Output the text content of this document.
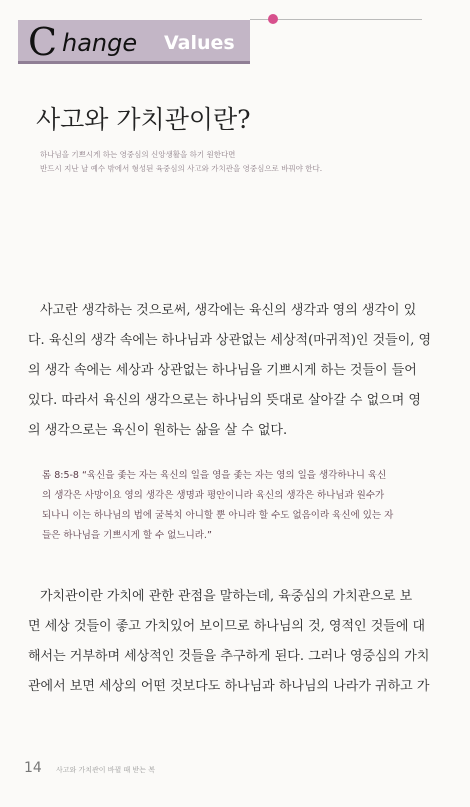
C hange Values
사고와 가치관이란?
하나님을 기쁘시게 하는 영중심의 신앙생활을 하기 원한다면
반드시 지난 날 예수 밖에서 형성된 육중심의 사고와 가치관을 영중심으로 바꿔야 한다.
사고란 생각하는 것으로써, 생각에는 육신의 생각과 영의 생각이 있
다. 육신의 생각 속에는 하나님과 상관없는 세상적(마귀적)인 것들이, 영
의 생각 속에는 세상과 상관없는 하나님을 기쁘시게 하는 것들이 들어
있다. 따라서 육신의 생각으로는 하나님의 뜻대로 살아갈 수 없으며 영
의 생각으로는 육신이 원하는 삶을 살 수 없다.
롬 8:5-8 “육신을 좇는 자는 육신의 일을 영을 좇는 자는 영의 일을 생각하나니 육신
의 생각은 사망이요 영의 생각은 생명과 평안이니라 육신의 생각은 하나님과 원수가
되나니 이는 하나님의 법에 굴복치 아니할 뿐 아니라 할 수도 없음이라 육신에 있는 자
들은 하나님을 기쁘시게 할 수 없느니라.”
가치관이란 가치에 관한 관점을 말하는데, 육중심의 가치관으로 보
면 세상 것들이 좋고 가치있어 보이므로 하나님의 것, 영적인 것들에 대
해서는 거부하며 세상적인 것들을 추구하게 된다. 그러나 영중심의 가치
관에서 보면 세상의 어떤 것보다도 하나님과 하나님의 나라가 귀하고 가
14 사고와 가치관이 바뀔 때 받는 복
